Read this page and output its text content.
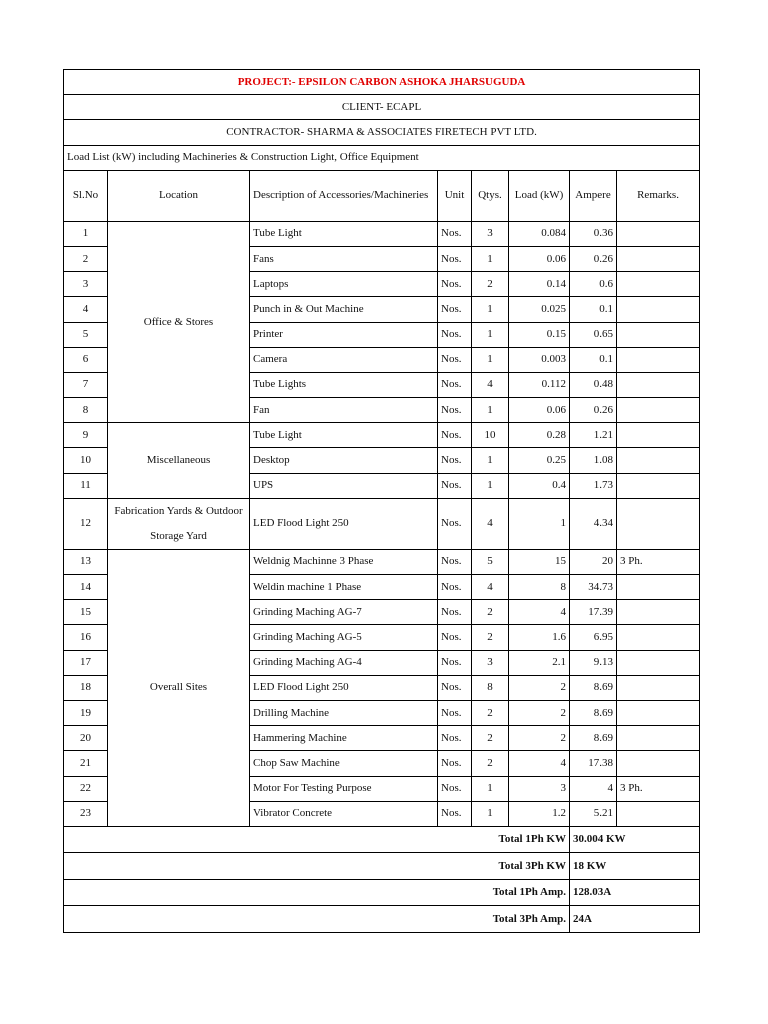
PROJECT:- EPSILON CARBON ASHOKA JHARSUGUDA							
CLIENT- ECAPL							
CONTRACTOR- SHARMA & ASSOCIATES FIRETECH PVT LTD.							
Load List (kW) including Machineries & Construction Light, Office Equipment							
Sl.No	Location	Description of Accessories/Machineries	Unit	Qtys.	Load (kW)	Ampere	Remarks.
1	Office & Stores	Tube Light	Nos.	3	0.084	0.36	
2		Fans	Nos.	1	0.06	0.26	
3		Laptops	Nos.	2	0.14	0.6	
4		Punch in & Out Machine	Nos.	1	0.025	0.1	
5		Printer	Nos.	1	0.15	0.65	
6		Camera	Nos.	1	0.003	0.1	
7		Tube Lights	Nos.	4	0.112	0.48	
8		Fan	Nos.	1	0.06	0.26	
9	Miscellaneous	Tube Light	Nos.	10	0.28	1.21	
10		Desktop	Nos.	1	0.25	1.08	
11		UPS	Nos.	1	0.4	1.73	
12	Fabrication Yards & Outdoor Storage Yard	LED Flood Light 250	Nos.	4	1	4.34	
13	Overall Sites	Weldnig Machinne 3 Phase	Nos.	5	15	20	3 Ph.
14		Weldin machine 1 Phase	Nos.	4	8	34.73	
15		Grinding Maching AG-7	Nos.	2	4	17.39	
16		Grinding Maching AG-5	Nos.	2	1.6	6.95	
17		Grinding Maching AG-4	Nos.	3	2.1	9.13	
18		LED Flood Light 250	Nos.	8	2	8.69	
19		Drilling Machine	Nos.	2	2	8.69	
20		Hammering Machine	Nos.	2	2	8.69	
21		Chop Saw Machine	Nos.	2	4	17.38	
22		Motor For Testing Purpose	Nos.	1	3	4	3 Ph.
23		Vibrator Concrete	Nos.	1	1.2	5.21	
		Total 1Ph KW				30.004 KW	
		Total 3Ph KW				18 KW	
		Total 1Ph Amp.				128.03A	
		Total 3Ph Amp.				24A	
